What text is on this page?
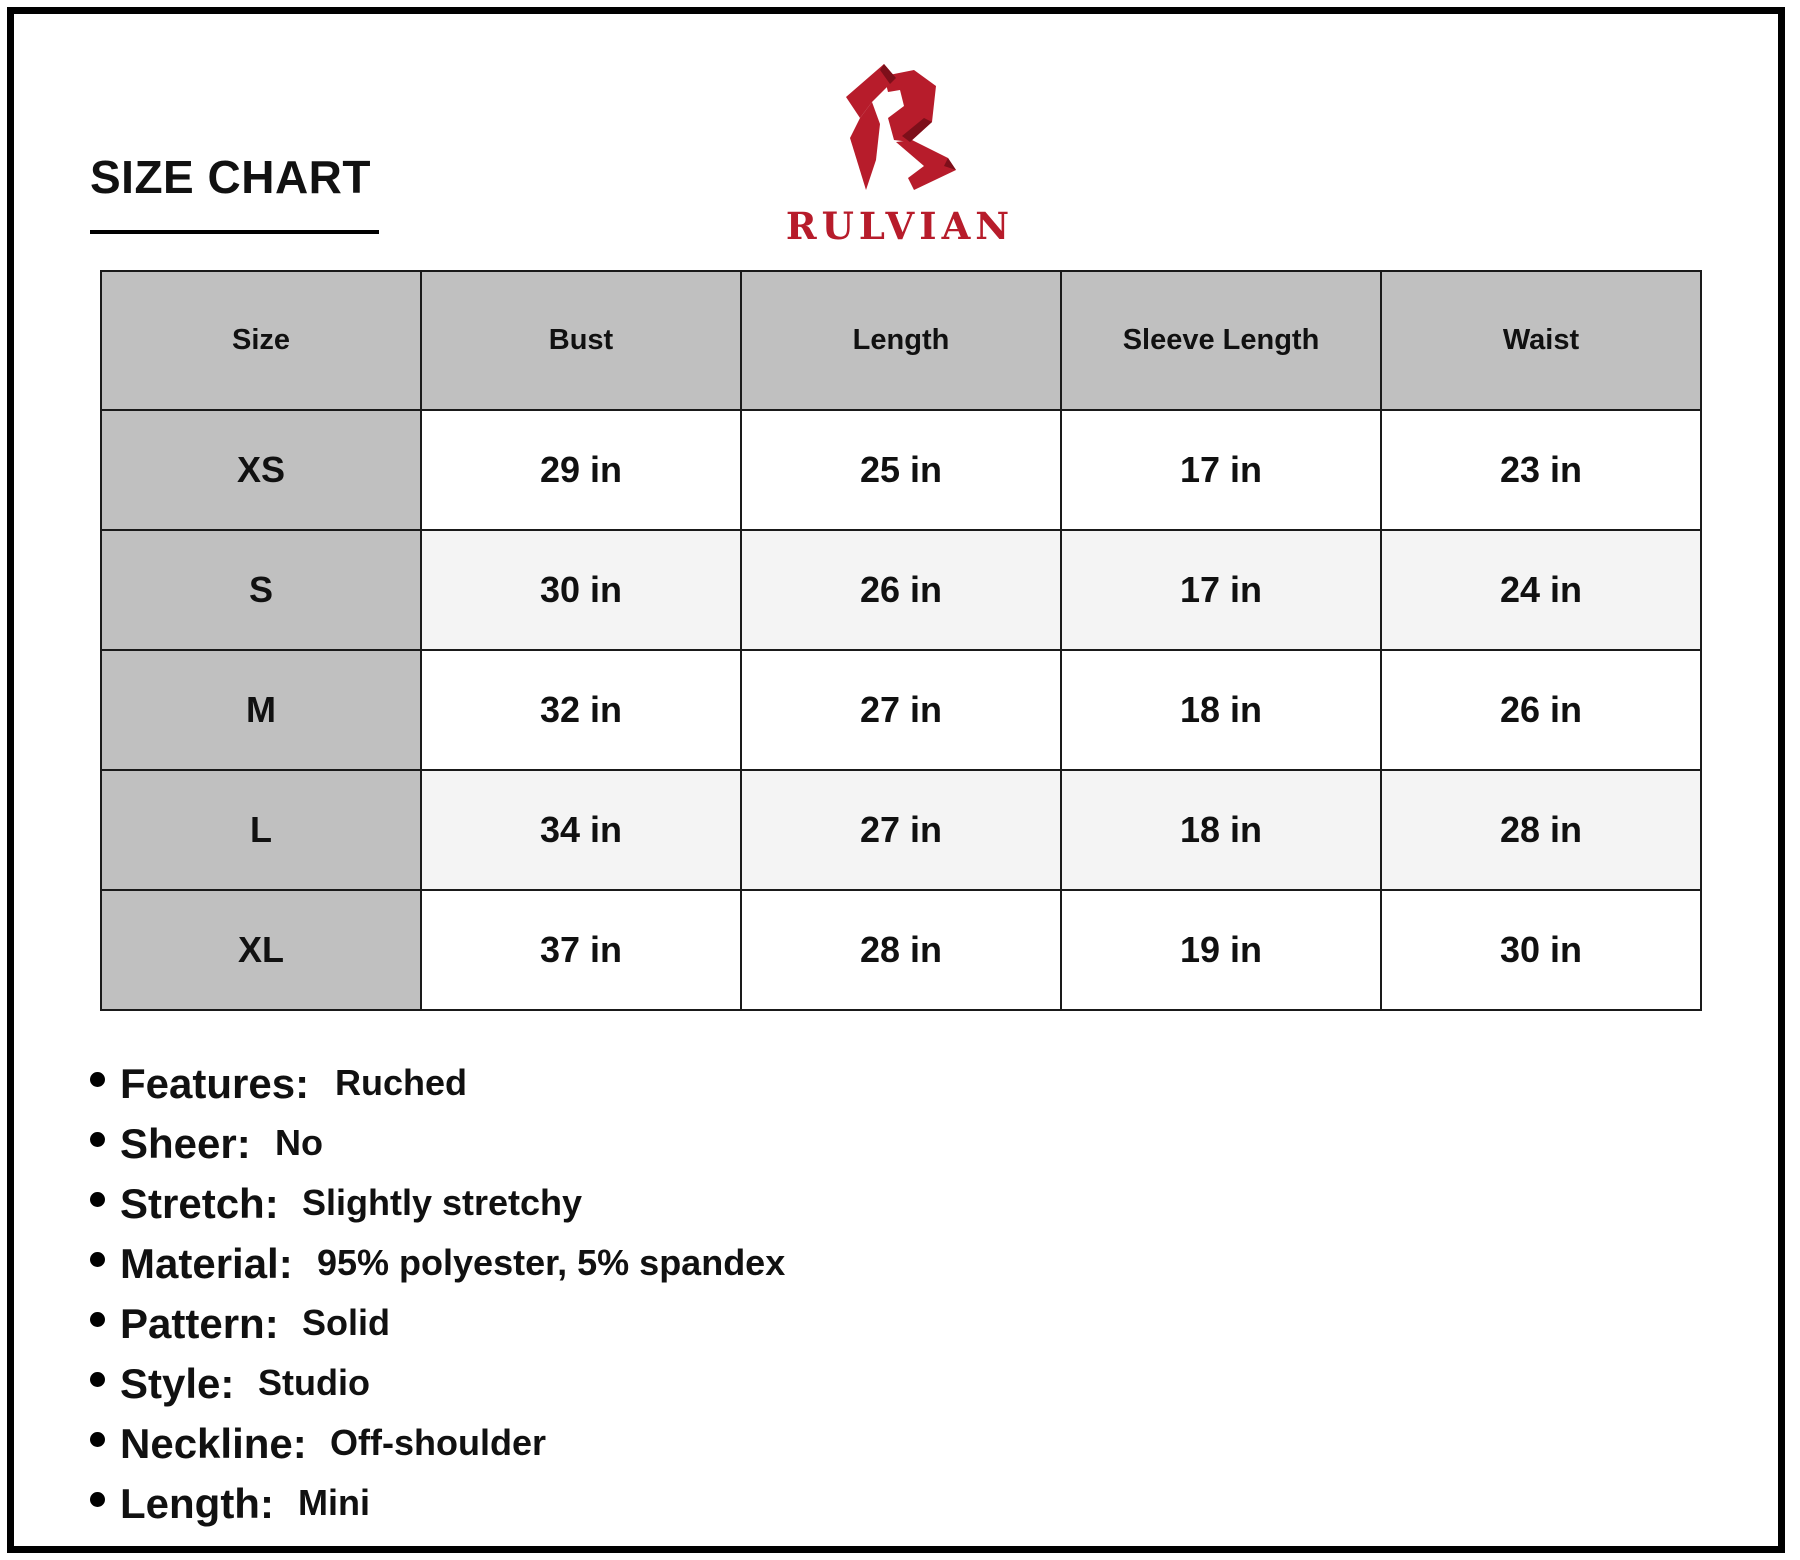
SIZE CHART
RULVIAN
Size	Bust	Length	Sleeve Length	Waist
XS	29 in	25 in	17 in	23 in
S	30 in	26 in	17 in	24 in
M	32 in	27 in	18 in	26 in
L	34 in	27 in	18 in	28 in
XL	37 in	28 in	19 in	30 in
Features: Ruched
Sheer: No
Stretch: Slightly stretchy
Material: 95% polyester, 5% spandex
Pattern: Solid
Style: Studio
Neckline: Off-shoulder
Length: Mini
